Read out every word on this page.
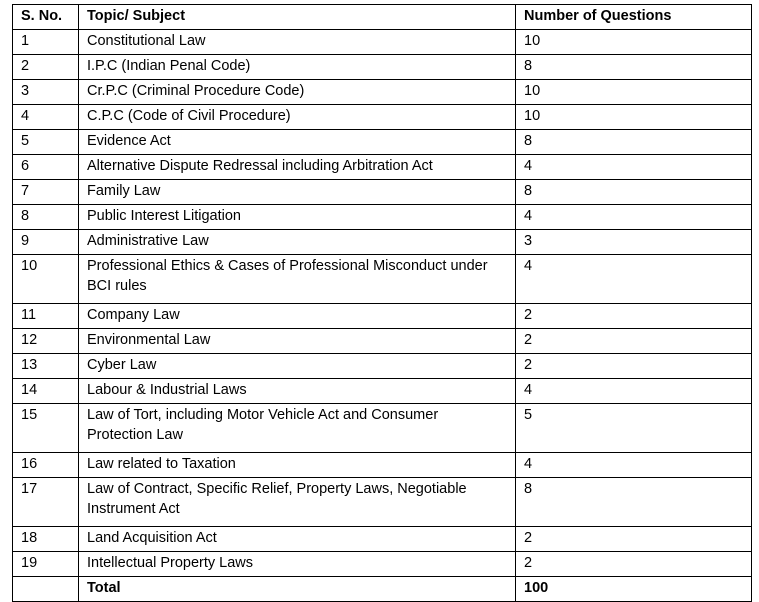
S. No.	Topic/ Subject	Number of Questions
1	Constitutional Law	10
2	I.P.C (Indian Penal Code)	8
3	Cr.P.C (Criminal Procedure Code)	10
4	C.P.C (Code of Civil Procedure)	10
5	Evidence Act	8
6	Alternative Dispute Redressal including Arbitration Act	4
7	Family Law	8
8	Public Interest Litigation	4
9	Administrative Law	3
10	Professional Ethics & Cases of Professional Misconduct under BCI rules	4
11	Company Law	2
12	Environmental Law	2
13	Cyber Law	2
14	Labour & Industrial Laws	4
15	Law of Tort, including Motor Vehicle Act and Consumer Protection Law	5
16	Law related to Taxation	4
17	Law of Contract, Specific Relief, Property Laws, Negotiable Instrument Act	8
18	Land Acquisition Act	2
19	Intellectual Property Laws	2
	Total	100
